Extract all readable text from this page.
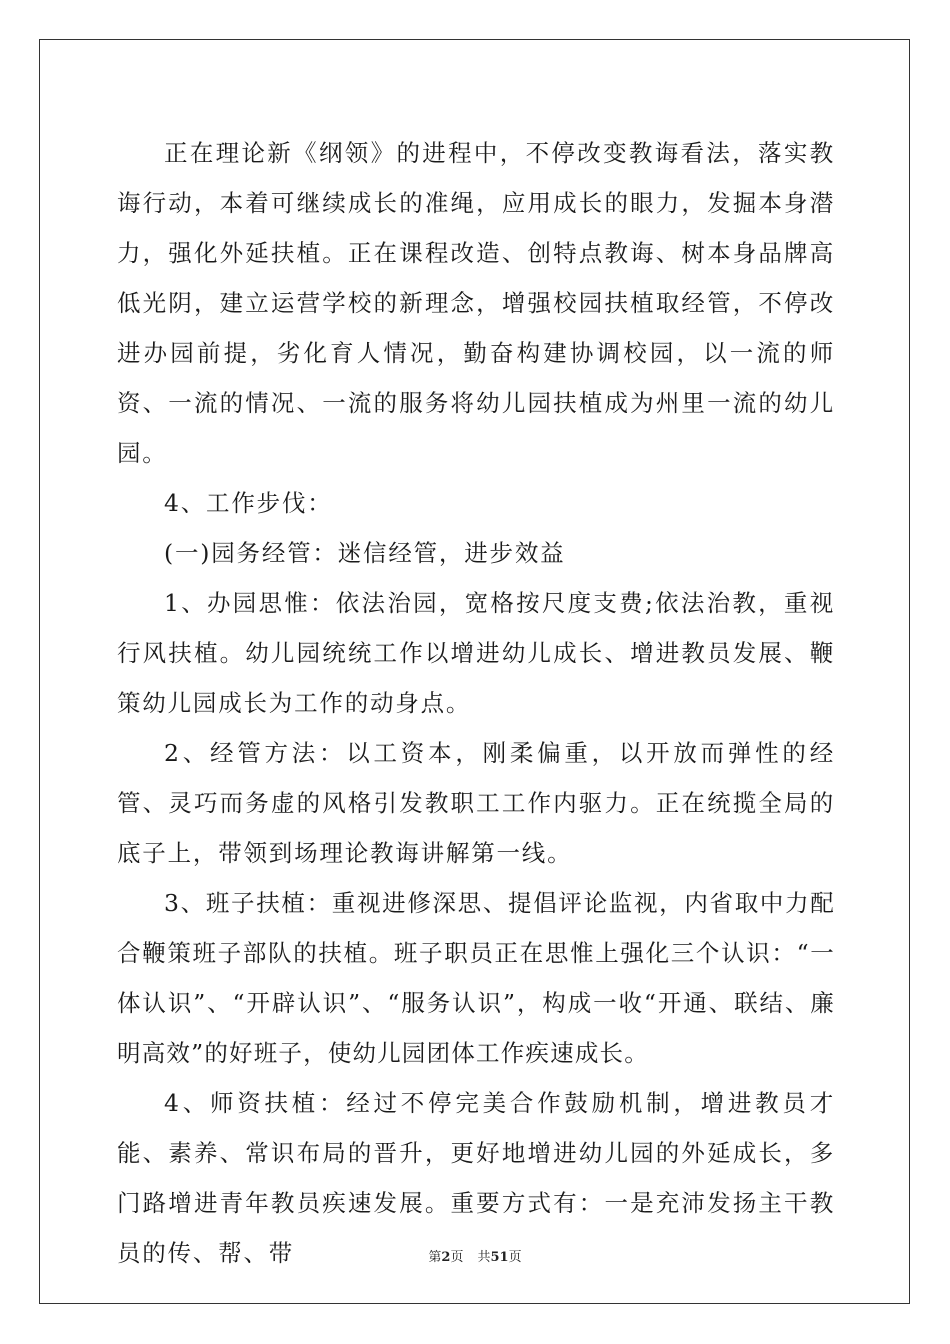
正在理论新《纲领》的进程中，不停改变教诲看法，落实教诲行动，本着可继续成长的准绳，应用成长的眼力，发掘本身潜力，强化外延扶植。正在课程改造、创特点教诲、树本身品牌高低光阴，建立运营学校的新理念，增强校园扶植取经管，不停改进办园前提，劣化育人情况，勤奋构建协调校园，以一流的师资、一流的情况、一流的服务将幼儿园扶植成为州里一流的幼儿园。

4、工作步伐：

(一)园务经管：迷信经管，进步效益

1、办园思惟：依法治园，宽格按尺度支费;依法治教，重视行风扶植。幼儿园统统工作以增进幼儿成长、增进教员发展、鞭策幼儿园成长为工作的动身点。

2、经管方法：以工资本，刚柔偏重，以开放而弹性的经管、灵巧而务虚的风格引发教职工工作内驱力。正在统揽全局的底子上，带领到场理论教诲讲解第一线。

3、班子扶植：重视进修深思、提倡评论监视，内省取中力配合鞭策班子部队的扶植。班子职员正在思惟上强化三个认识：“一体认识”、“开辟认识”、“服务认识”，构成一收“开通、联结、廉明高效”的好班子，使幼儿园团体工作疾速成长。

4、师资扶植：经过不停完美合作鼓励机制，增进教员才能、素养、常识布局的晋升，更好地增进幼儿园的外延成长，多门路增进青年教员疾速发展。重要方式有：一是充沛发扬主干教员的传、帮、带	第2页 共51页
